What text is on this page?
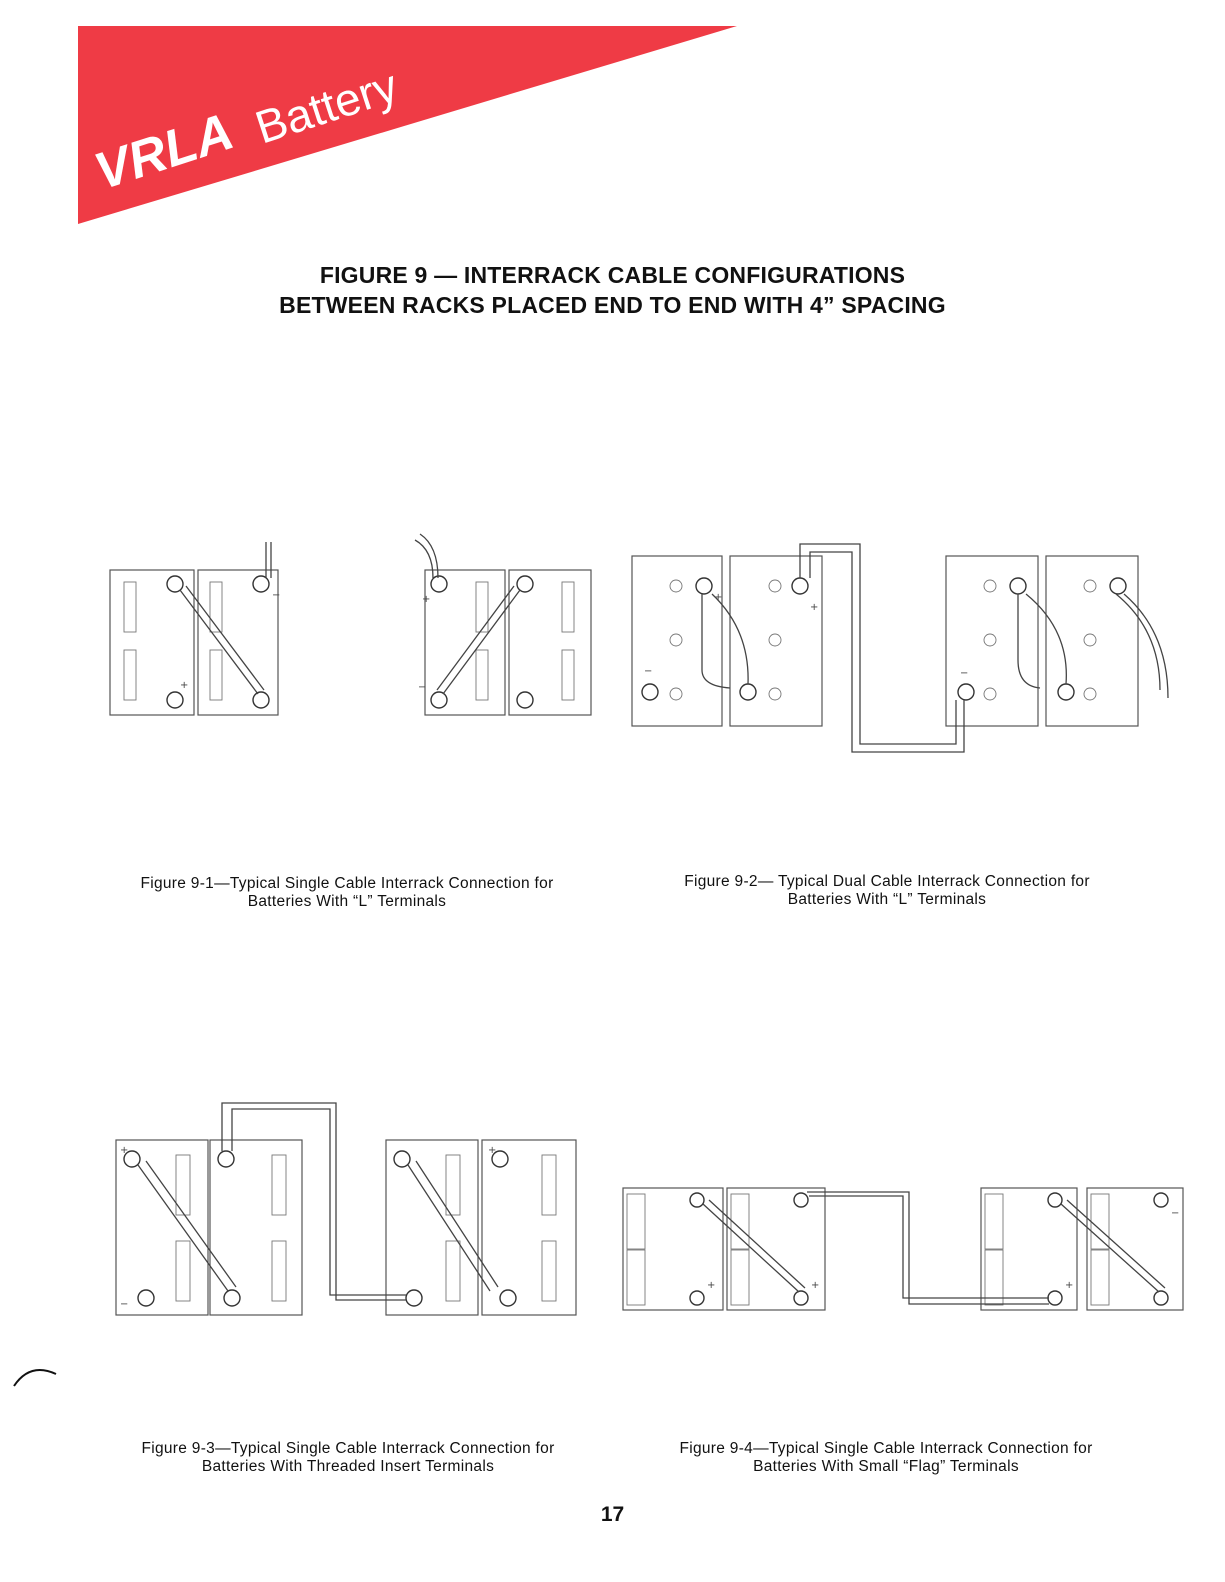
VRLA Battery
FIGURE 9 — INTERRACK CABLE CONFIGURATIONS
BETWEEN RACKS PLACED END TO END WITH 4” SPACING
+
−	+
−
+
+
−	−
Figure 9-1—Typical Single Cable Interrack Connection for
Batteries With “L” Terminals
Figure 9-2— Typical Dual Cable Interrack Connection for
Batteries With “L” Terminals
+	+
−
+	+	+
−
Figure 9-3—Typical Single Cable Interrack Connection for
Batteries With Threaded Insert Terminals
Figure 9-4—Typical Single Cable Interrack Connection for
Batteries With Small “Flag” Terminals
17
